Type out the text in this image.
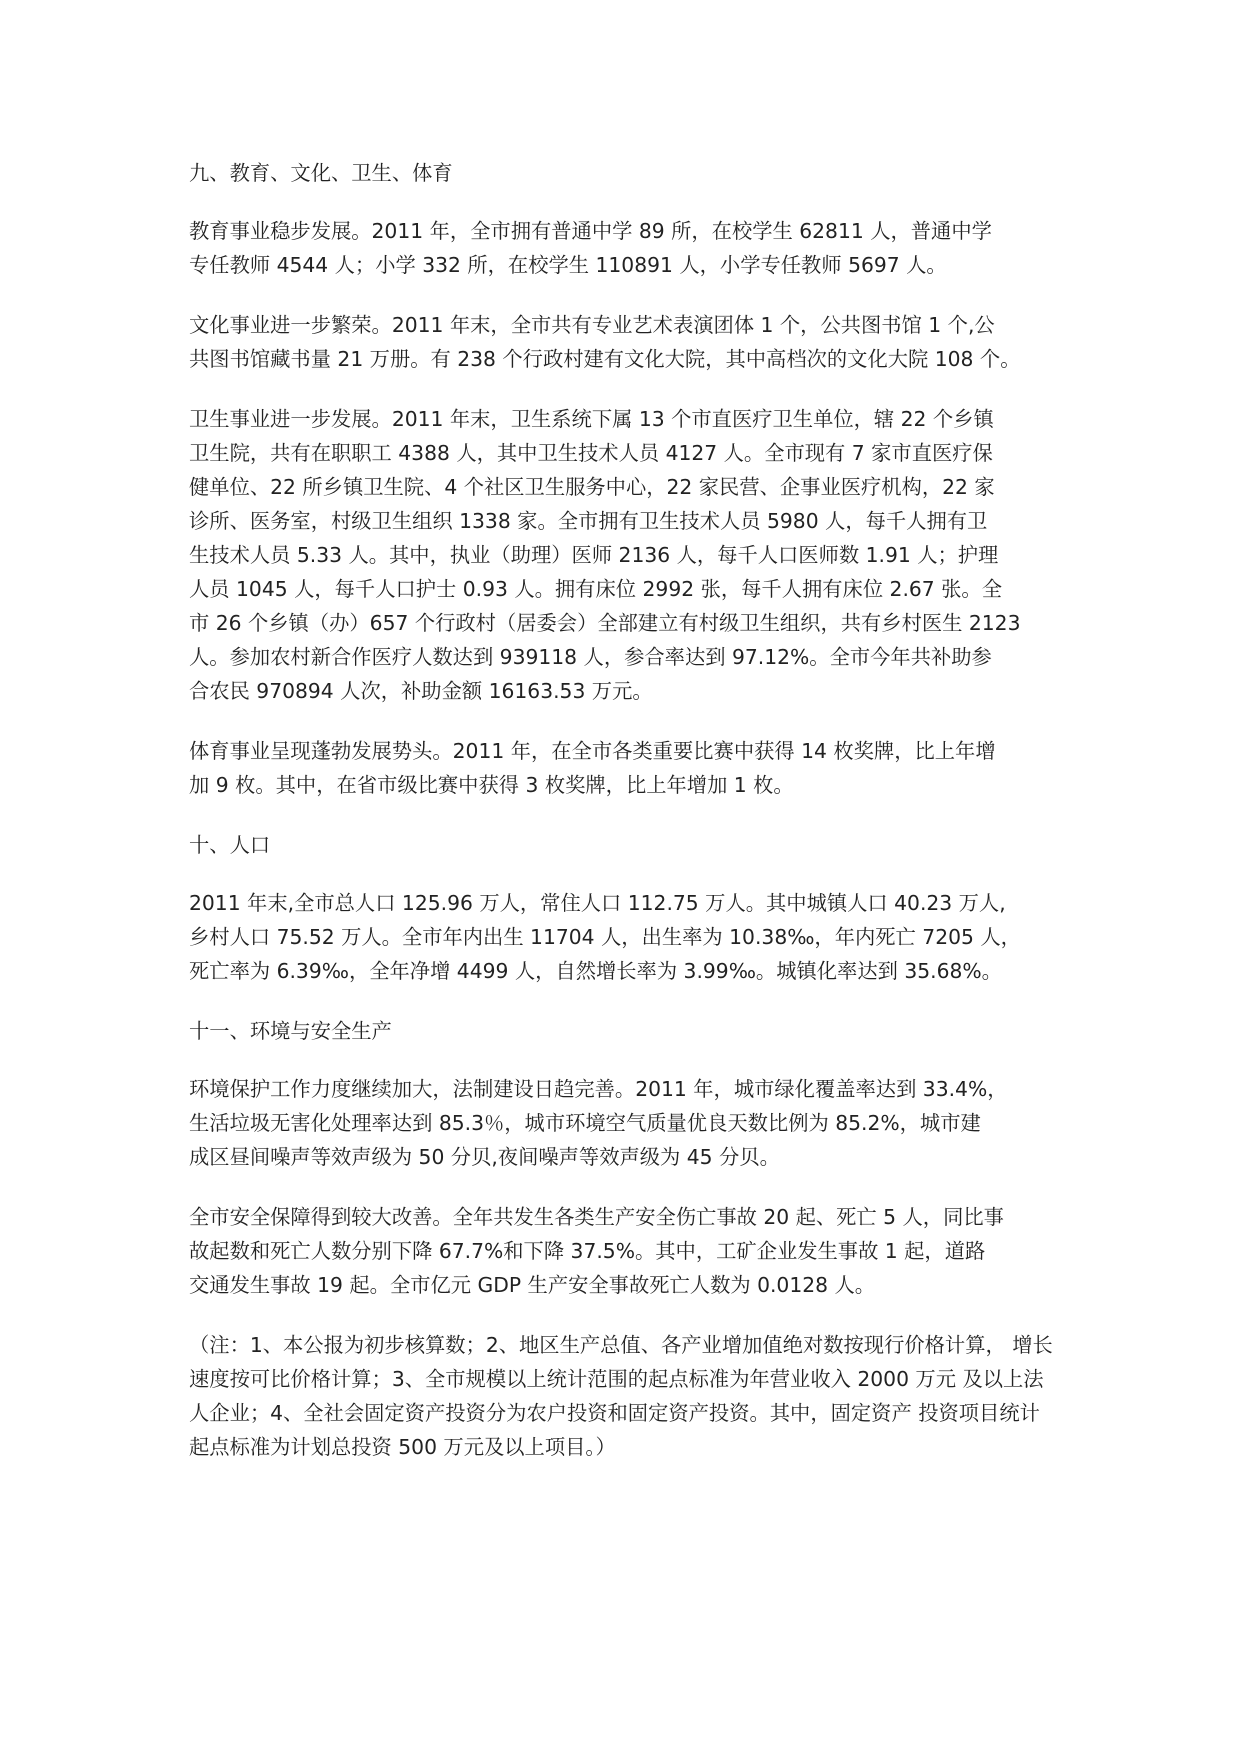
九、教育、文化、卫生、体育

教育事业稳步发展。2011 年，全市拥有普通中学 89 所，在校学生 62811 人，普通中学
专任教师 4544 人；小学 332 所，在校学生 110891 人，小学专任教师 5697 人。

文化事业进一步繁荣。2011 年末，全市共有专业艺术表演团体 1 个，公共图书馆 1 个,公
共图书馆藏书量 21 万册。有 238 个行政村建有文化大院，其中高档次的文化大院 108 个。

卫生事业进一步发展。2011 年末，卫生系统下属 13 个市直医疗卫生单位，辖 22 个乡镇
卫生院，共有在职职工 4388 人，其中卫生技术人员 4127 人。全市现有 7 家市直医疗保
健单位、22 所乡镇卫生院、4 个社区卫生服务中心，22 家民营、企事业医疗机构，22 家
诊所、医务室，村级卫生组织 1338 家。全市拥有卫生技术人员 5980 人，每千人拥有卫
生技术人员 5.33 人。其中，执业（助理）医师 2136 人，每千人口医师数 1.91 人；护理
人员 1045 人，每千人口护士 0.93 人。拥有床位 2992 张，每千人拥有床位 2.67 张。全
市 26 个乡镇（办）657 个行政村（居委会）全部建立有村级卫生组织，共有乡村医生 2123
人。参加农村新合作医疗人数达到 939118 人，参合率达到 97.12%。全市今年共补助参
合农民 970894 人次，补助金额 16163.53 万元。

体育事业呈现蓬勃发展势头。2011 年，在全市各类重要比赛中获得 14 枚奖牌，比上年增
加 9 枚。其中，在省市级比赛中获得 3 枚奖牌，比上年增加 1 枚。

十、人口

2011 年末,全市总人口 125.96 万人，常住人口 112.75 万人。其中城镇人口 40.23 万人,
乡村人口 75.52 万人。全市年内出生 11704 人，出生率为 10.38‰，年内死亡 7205 人，
死亡率为 6.39‰，全年净增 4499 人，自然增长率为 3.99‰。城镇化率达到 35.68%。

十一、环境与安全生产

环境保护工作力度继续加大，法制建设日趋完善。2011 年，城市绿化覆盖率达到 33.4%，
生活垃圾无害化处理率达到 85.3％，城市环境空气质量优良天数比例为 85.2%，城市建
成区昼间噪声等效声级为 50 分贝,夜间噪声等效声级为 45 分贝。

全市安全保障得到较大改善。全年共发生各类生产安全伤亡事故 20 起、死亡 5 人，同比事
故起数和死亡人数分别下降 67.7%和下降 37.5%。其中，工矿企业发生事故 1 起，道路
交通发生事故 19 起。全市亿元 GDP 生产安全事故死亡人数为 0.0128 人。

（注：1、本公报为初步核算数；2、地区生产总值、各产业增加值绝对数按现行价格计算， 增长速度按可比价格计算；3、全市规模以上统计范围的起点标准为年营业收入 2000 万元 及以上法人企业；4、全社会固定资产投资分为农户投资和固定资产投资。其中，固定资产 投资项目统计起点标准为计划总投资 500 万元及以上项目。）
